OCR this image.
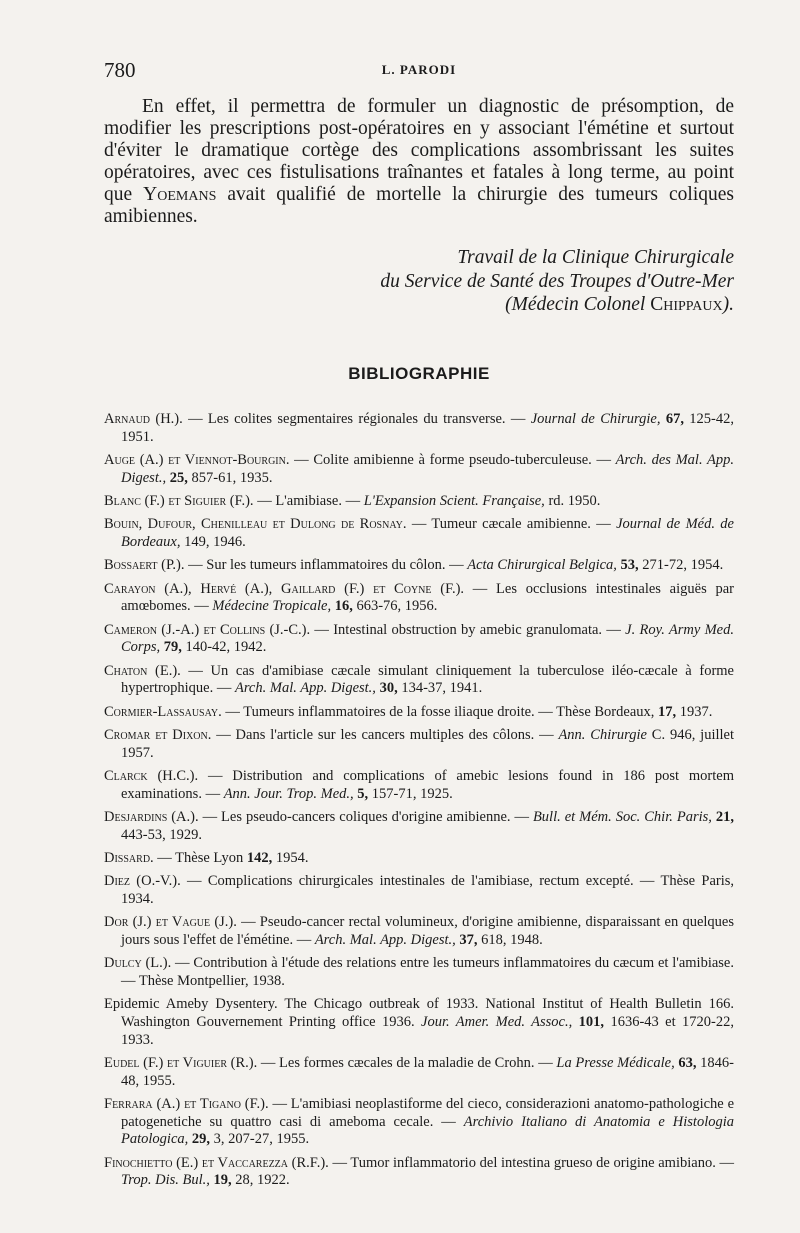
780	L. PARODI

En effet, il permettra de formuler un diagnostic de présomption, de modifier les prescriptions post-opératoires en y associant l'émétine et surtout d'éviter le dramatique cortège des complications assombrissant les suites opératoires, avec ces fistulisations traînantes et fatales à long terme, au point que Yoemans avait qualifié de mortelle la chirurgie des tumeurs coliques amibiennes.

Travail de la Clinique Chirurgicale
du Service de Santé des Troupes d'Outre-Mer
(Médecin Colonel Chippaux).
BIBLIOGRAPHIE

Arnaud (H.). — Les colites segmentaires régionales du transverse. — Journal de Chirurgie, 67, 125-42, 1951.

Auge (A.) et Viennot-Bourgin. — Colite amibienne à forme pseudo-tuberculeuse. — Arch. des Mal. App. Digest., 25, 857-61, 1935.

Blanc (F.) et Siguier (F.). — L'amibiase. — L'Expansion Scient. Française, rd. 1950.

Bouin, Dufour, Chenilleau et Dulong de Rosnay. — Tumeur cæcale amibienne. — Journal de Méd. de Bordeaux, 149, 1946.

Bossaert (P.). — Sur les tumeurs inflammatoires du côlon. — Acta Chirurgical Belgica, 53, 271-72, 1954.

Carayon (A.), Hervé (A.), Gaillard (F.) et Coyne (F.). — Les occlusions intestinales aiguës par amœbomes. — Médecine Tropicale, 16, 663-76, 1956.

Cameron (J.-A.) et Collins (J.-C.). — Intestinal obstruction by amebic granulomata. — J. Roy. Army Med. Corps, 79, 140-42, 1942.

Chaton (E.). — Un cas d'amibiase cæcale simulant cliniquement la tuberculose iléo-cæcale à forme hypertrophique. — Arch. Mal. App. Digest., 30, 134-37, 1941.

Cormier-Lassausay. — Tumeurs inflammatoires de la fosse iliaque droite. — Thèse Bordeaux, 17, 1937.

Cromar et Dixon. — Dans l'article sur les cancers multiples des côlons. — Ann. Chirurgie C. 946, juillet 1957.

Clarck (H.C.). — Distribution and complications of amebic lesions found in 186 post mortem examinations. — Ann. Jour. Trop. Med., 5, 157-71, 1925.

Desjardins (A.). — Les pseudo-cancers coliques d'origine amibienne. — Bull. et Mém. Soc. Chir. Paris, 21, 443-53, 1929.

Dissard. — Thèse Lyon 142, 1954.

Diez (O.-V.). — Complications chirurgicales intestinales de l'amibiase, rectum excepté. — Thèse Paris, 1934.

Dor (J.) et Vague (J.). — Pseudo-cancer rectal volumineux, d'origine amibienne, disparaissant en quelques jours sous l'effet de l'émétine. — Arch. Mal. App. Digest., 37, 618, 1948.

Dulcy (L.). — Contribution à l'étude des relations entre les tumeurs inflammatoires du cæcum et l'amibiase. — Thèse Montpellier, 1938.

Epidemic Ameby Dysentery. The Chicago outbreak of 1933. National Institut of Health Bulletin 166. Washington Gouvernement Printing office 1936. Jour. Amer. Med. Assoc., 101, 1636-43 et 1720-22, 1933.

Eudel (F.) et Viguier (R.). — Les formes cæcales de la maladie de Crohn. — La Presse Médicale, 63, 1846-48, 1955.

Ferrara (A.) et Tigano (F.). — L'amibiasi neoplastiforme del cieco, considerazioni anatomo-pathologiche e patogenetiche su quattro casi di ameboma cecale. — Archivio Italiano di Anatomia e Histologia Patologica, 29, 3, 207-27, 1955.

Finochietto (E.) et Vaccarezza (R.F.). — Tumor inflammatorio del intestina grueso de origine amibiano. — Trop. Dis. Bul., 19, 28, 1922.
